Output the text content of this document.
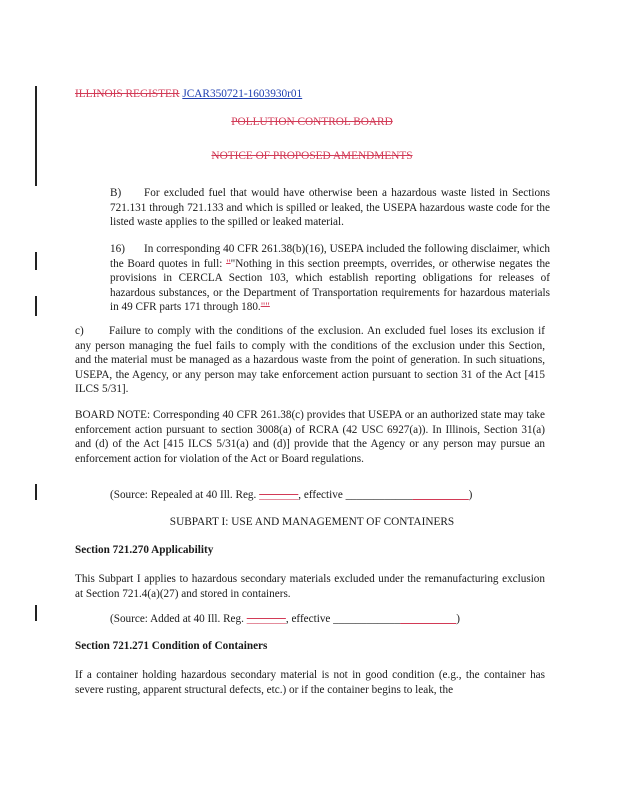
ILLINOIS REGISTER JCAR350721-1603930r01
POLLUTION CONTROL BOARD
NOTICE OF PROPOSED AMENDMENTS
B) For excluded fuel that would have otherwise been a hazardous waste listed in Sections 721.131 through 721.133 and which is spilled or leaked, the USEPA hazardous waste code for the listed waste applies to the spilled or leaked material.
16) In corresponding 40 CFR 261.38(b)(16), USEPA included the following disclaimer, which the Board quotes in full: ""Nothing in this section preempts, overrides, or otherwise negates the provisions in CERCLA Section 103, which establish reporting obligations for releases of hazardous substances, or the Department of Transportation requirements for hazardous materials in 49 CFR parts 171 through 180.""
c) Failure to comply with the conditions of the exclusion. An excluded fuel loses its exclusion if any person managing the fuel fails to comply with the conditions of the exclusion under this Section, and the material must be managed as a hazardous waste from the point of generation. In such situations, USEPA, the Agency, or any person may take enforcement action pursuant to section 31 of the Act [415 ILCS 5/31].
BOARD NOTE: Corresponding 40 CFR 261.38(c) provides that USEPA or an authorized state may take enforcement action pursuant to section 3008(a) of RCRA (42 USC 6927(a)). In Illinois, Section 31(a) and (d) of the Act [415 ILCS 5/31(a) and (d)] provide that the Agency or any person may pursue an enforcement action for violation of the Act or Board regulations.
(Source: Repealed at 40 Ill. Reg. _______, effective ______________________)
SUBPART I: USE AND MANAGEMENT OF CONTAINERS
Section 721.270 Applicability
This Subpart I applies to hazardous secondary materials excluded under the remanufacturing exclusion at Section 721.4(a)(27) and stored in containers.
(Source: Added at 40 Ill. Reg. _______, effective ______________________)
Section 721.271 Condition of Containers
If a container holding hazardous secondary material is not in good condition (e.g., the container has severe rusting, apparent structural defects, etc.) or if the container begins to leak, the
